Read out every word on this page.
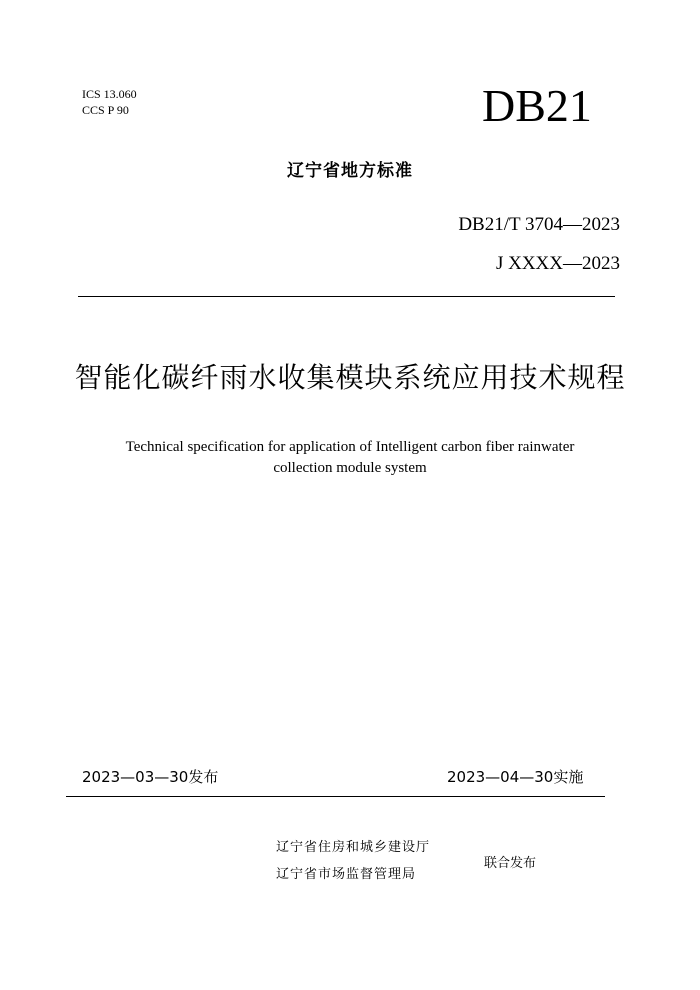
ICS 13.060
CCS P 90	DB21
辽宁省地方标准
DB21/T 3704—2023
J XXXX—2023
智能化碳纤雨水收集模块系统应用技术规程
Technical specification for application of Intelligent carbon fiber rainwater
collection module system
2023—03—30发布	2023—04—30实施
辽宁省住房和城乡建设厅
辽宁省市场监督管理局
联合发布
